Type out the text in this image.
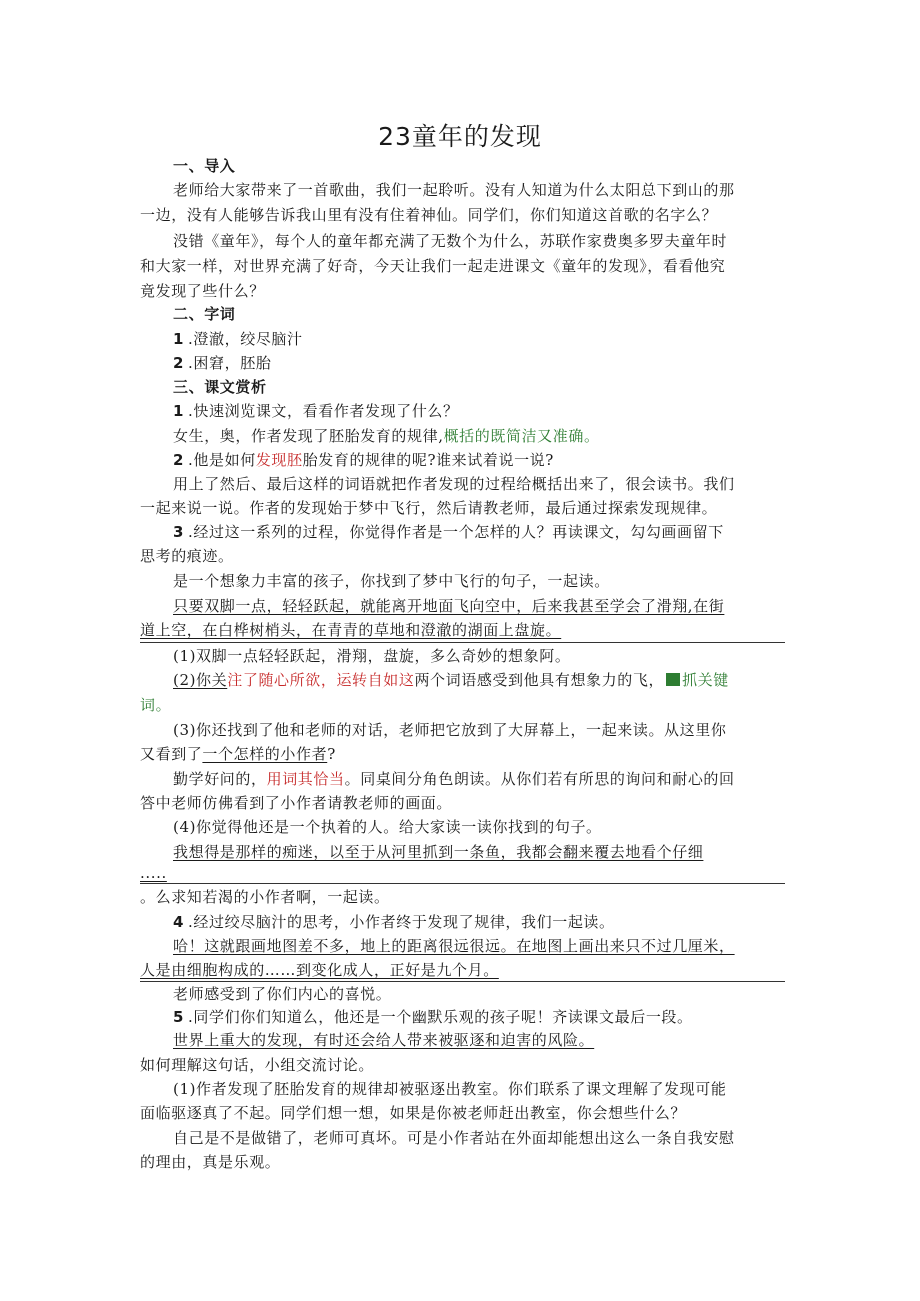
23童年的发现
一、导入
老师给大家带来了一首歌曲，我们一起聆听。没有人知道为什么太阳总下到山的那
一边，没有人能够告诉我山里有没有住着神仙。同学们，你们知道这首歌的名字么？
没错《童年》，每个人的童年都充满了无数个为什么，苏联作家费奥多罗夫童年时
和大家一样，对世界充满了好奇，今天让我们一起走进课文《童年的发现》，看看他究
竟发现了些什么？
二、字词
1 .澄澈，绞尽脑汁
2 .困窘，胚胎
三、课文赏析
1 .快速浏览课文，看看作者发现了什么？
女生，奥，作者发现了胚胎发育的规律,概括的既简洁又准确。
2 .他是如何发现胚胎发育的规律的呢?谁来试着说一说?
用上了然后、最后这样的词语就把作者发现的过程给概括出来了，很会读书。我们
一起来说一说。作者的发现始于梦中飞行，然后请教老师，最后通过探索发现规律。
3 .经过这一系列的过程，你觉得作者是一个怎样的人？再读课文，勾勾画画留下
思考的痕迹。
是一个想象力丰富的孩子，你找到了梦中飞行的句子，一起读。
只要双脚一点，轻轻跃起，就能离开地面飞向空中，后来我甚至学会了滑翔,在街
道上空，在白桦树梢头，在青青的草地和澄澈的湖面上盘旋。
(1)双脚一点轻轻跃起，滑翔，盘旋，多么奇妙的想象阿。
(2)你关注了随心所欲，运转自如这两个词语感受到他具有想象力的飞， 抓关键
词。
(3)你还找到了他和老师的对话，老师把它放到了大屏幕上，一起来读。从这里你
又看到了一个怎样的小作者?
勤学好问的，用词其恰当。同桌间分角色朗读。从你们若有所思的询问和耐心的回
答中老师仿佛看到了小作者请教老师的画面。
(4)你觉得他还是一个执着的人。给大家读一读你找到的句子。
我想得是那样的痴迷，以至于从河里抓到一条鱼，我都会翻来覆去地看个仔细
.....
。么求知若渴的小作者啊，一起读。
4 .经过绞尽脑汁的思考，小作者终于发现了规律，我们一起读。
哈！这就跟画地图差不多，地上的距离很远很远。在地图上画出来只不过几厘米，
人是由细胞构成的……到变化成人，正好是九个月。
老师感受到了你们内心的喜悦。
5 .同学们你们知道么，他还是一个幽默乐观的孩子呢！齐读课文最后一段。
世界上重大的发现，有时还会给人带来被驱逐和迫害的风险。
如何理解这句话，小组交流讨论。
(1)作者发现了胚胎发育的规律却被驱逐出教室。你们联系了课文理解了发现可能
面临驱逐真了不起。同学们想一想，如果是你被老师赶出教室，你会想些什么？
自己是不是做错了，老师可真坏。可是小作者站在外面却能想出这么一条自我安慰
的理由，真是乐观。
